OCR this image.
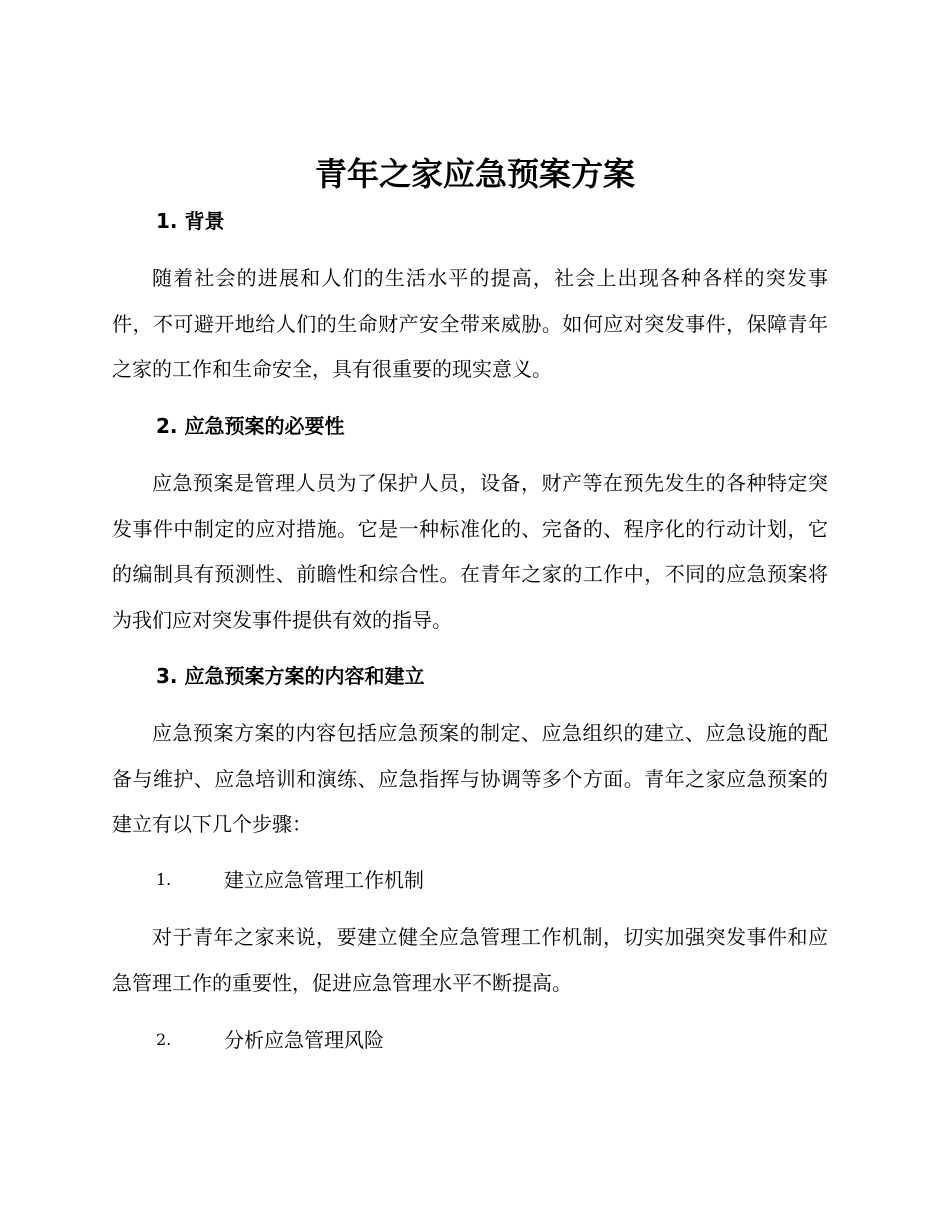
青年之家应急预案方案
1. 背景

随着社会的进展和人们的生活水平的提高，社会上出现各种各样的突发事件，不可避开地给人们的生命财产安全带来威胁。如何应对突发事件，保障青年之家的工作和生命安全，具有很重要的现实意义。

2. 应急预案的必要性

应急预案是管理人员为了保护人员，设备，财产等在预先发生的各种特定突发事件中制定的应对措施。它是一种标准化的、完备的、程序化的行动计划，它的编制具有预测性、前瞻性和综合性。在青年之家的工作中，不同的应急预案将为我们应对突发事件提供有效的指导。

3. 应急预案方案的内容和建立

应急预案方案的内容包括应急预案的制定、应急组织的建立、应急设施的配备与维护、应急培训和演练、应急指挥与协调等多个方面。青年之家应急预案的建立有以下几个步骤：

1.	建立应急管理工作机制

对于青年之家来说，要建立健全应急管理工作机制，切实加强突发事件和应急管理工作的重要性，促进应急管理水平不断提高。

2.	分析应急管理风险
